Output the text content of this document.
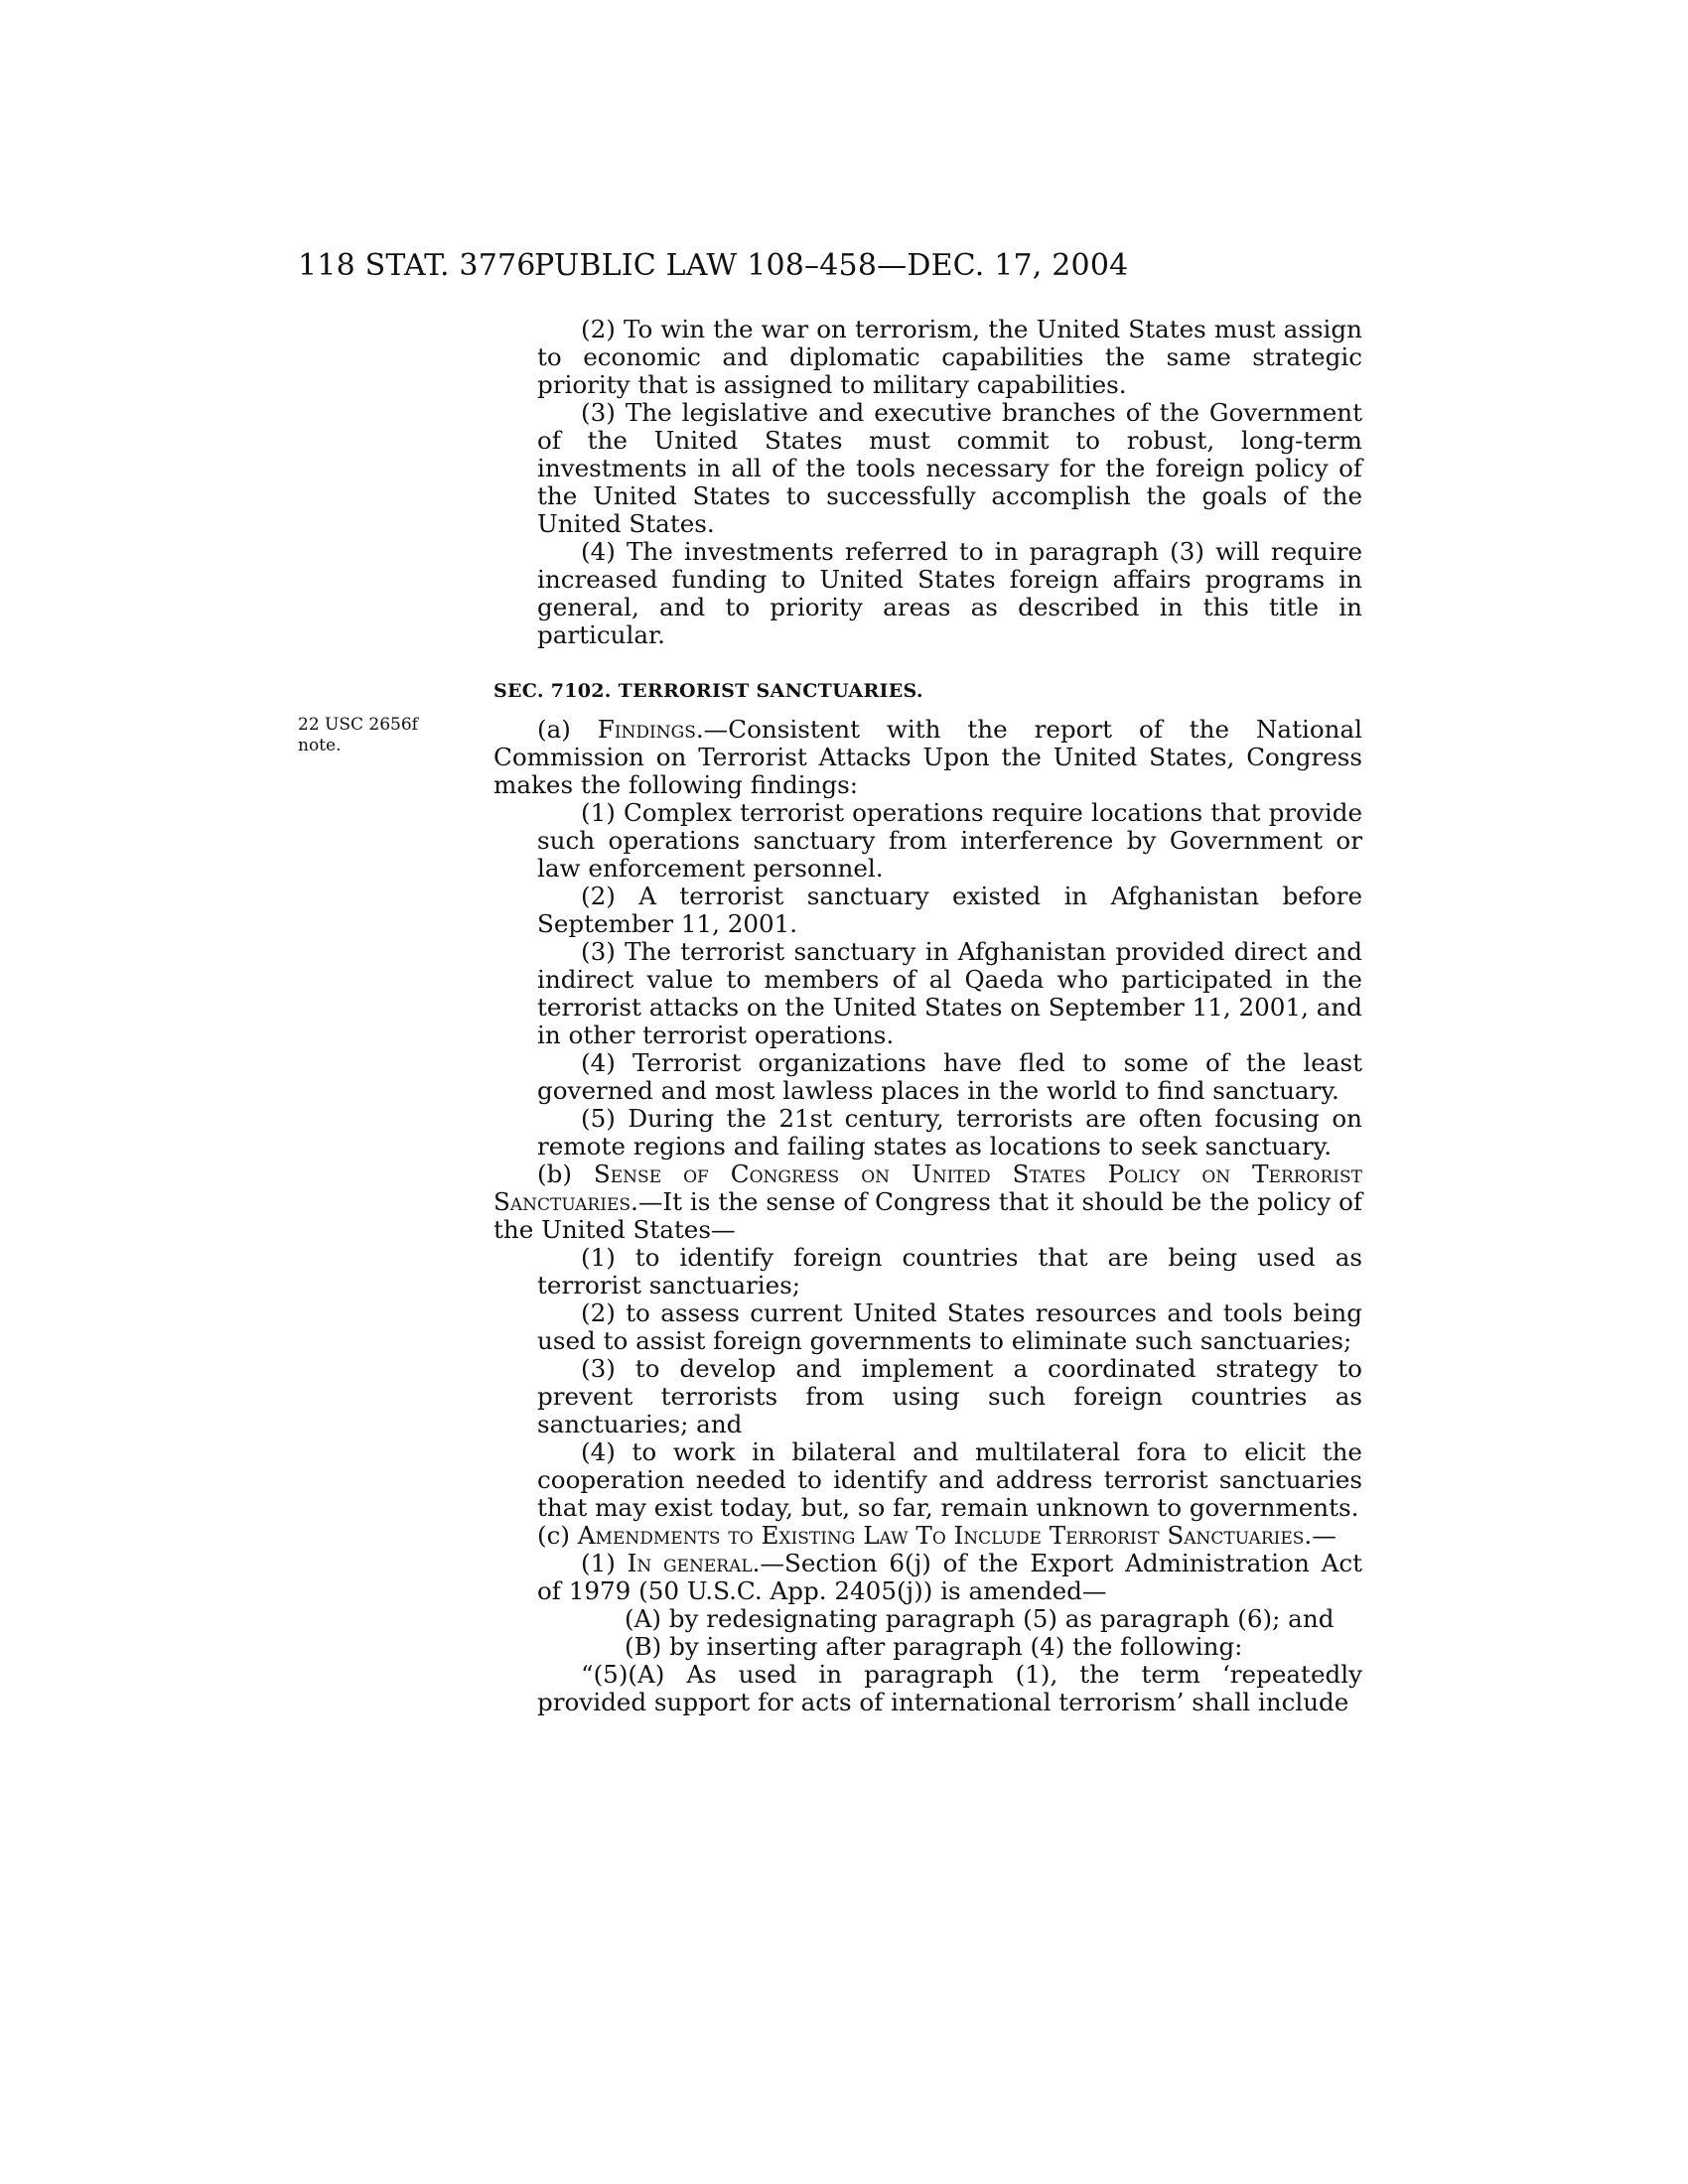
118 STAT. 3776
PUBLIC LAW 108–458—DEC. 17, 2004
22 USC 2656f
note.

(2) To win the war on terrorism, the United States must assign to economic and diplomatic capabilities the same strategic priority that is assigned to military capabilities.

(3) The legislative and executive branches of the Government of the United States must commit to robust, long-term investments in all of the tools necessary for the foreign policy of the United States to successfully accomplish the goals of the United States.

(4) The investments referred to in paragraph (3) will require increased funding to United States foreign affairs programs in general, and to priority areas as described in this title in particular.

SEC. 7102. TERRORIST SANCTUARIES.

(a) Findings.—Consistent with the report of the National Commission on Terrorist Attacks Upon the United States, Congress makes the following findings:

(1) Complex terrorist operations require locations that provide such operations sanctuary from interference by Government or law enforcement personnel.

(2) A terrorist sanctuary existed in Afghanistan before September 11, 2001.

(3) The terrorist sanctuary in Afghanistan provided direct and indirect value to members of al Qaeda who participated in the terrorist attacks on the United States on September 11, 2001, and in other terrorist operations.

(4) Terrorist organizations have fled to some of the least governed and most lawless places in the world to find sanctuary.

(5) During the 21st century, terrorists are often focusing on remote regions and failing states as locations to seek sanctuary.

(b) Sense of Congress on United States Policy on Terrorist Sanctuaries.—It is the sense of Congress that it should be the policy of the United States—

(1) to identify foreign countries that are being used as terrorist sanctuaries;

(2) to assess current United States resources and tools being used to assist foreign governments to eliminate such sanctuaries;

(3) to develop and implement a coordinated strategy to prevent terrorists from using such foreign countries as sanctuaries; and

(4) to work in bilateral and multilateral fora to elicit the cooperation needed to identify and address terrorist sanctuaries that may exist today, but, so far, remain unknown to governments.

(c) Amendments to Existing Law To Include Terrorist Sanctuaries.—

(1) In general.—Section 6(j) of the Export Administration Act of 1979 (50 U.S.C. App. 2405(j)) is amended—

(A) by redesignating paragraph (5) as paragraph (6); and

(B) by inserting after paragraph (4) the following:

“(5)(A) As used in paragraph (1), the term ‘repeatedly provided support for acts of international terrorism’ shall include
